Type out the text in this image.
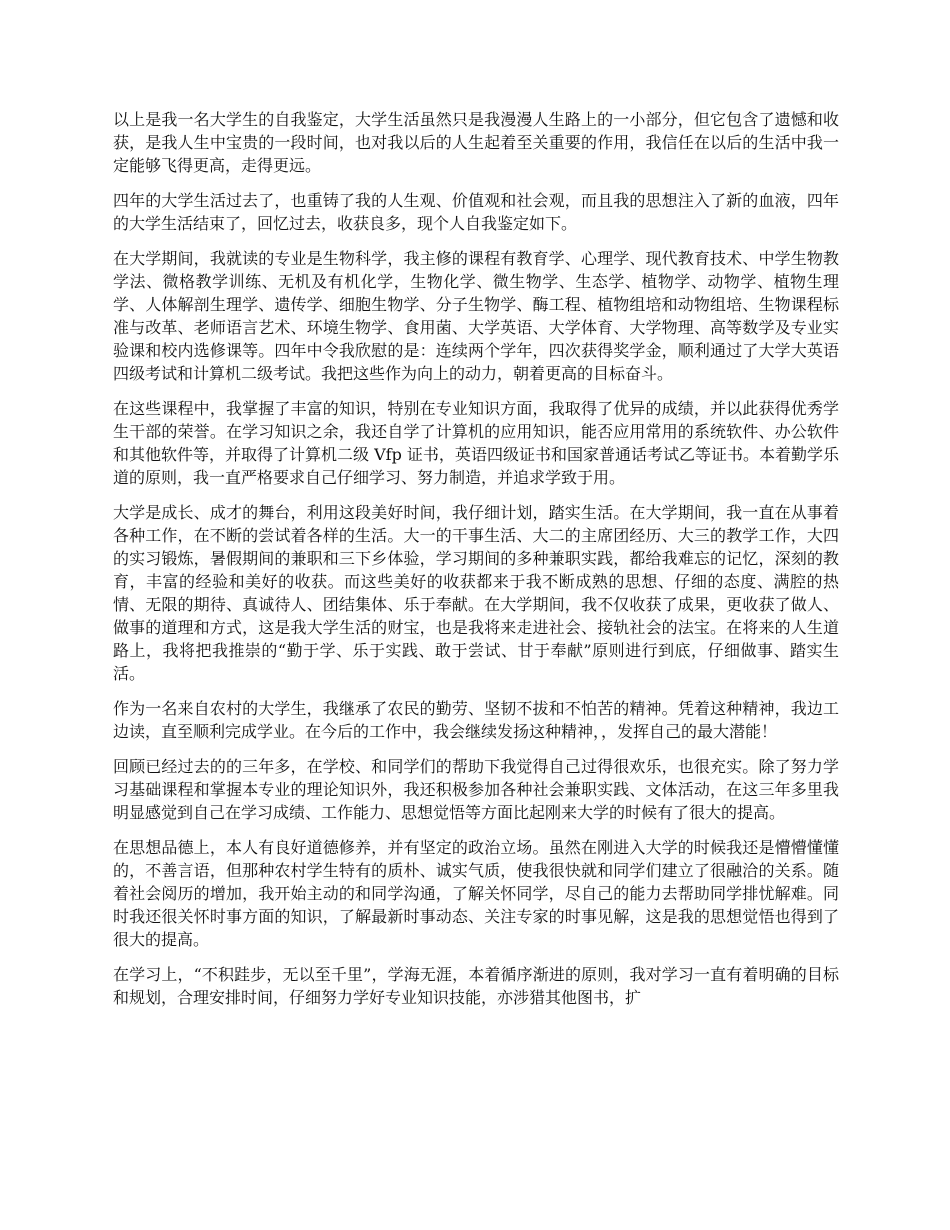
以上是我一名大学生的自我鉴定，大学生活虽然只是我漫漫人生路上的一小部分，但它包含了遗憾和收获，是我人生中宝贵的一段时间，也对我以后的人生起着至关重要的作用，我信任在以后的生活中我一定能够飞得更高，走得更远。

四年的大学生活过去了，也重铸了我的人生观、价值观和社会观，而且我的思想注入了新的血液，四年的大学生活结束了，回忆过去，收获良多，现个人自我鉴定如下。

在大学期间，我就读的专业是生物科学，我主修的课程有教育学、心理学、现代教育技术、中学生物教学法、微格教学训练、无机及有机化学，生物化学、微生物学、生态学、植物学、动物学、植物生理学、人体解剖生理学、遗传学、细胞生物学、分子生物学、酶工程、植物组培和动物组培、生物课程标准与改革、老师语言艺术、环境生物学、食用菌、大学英语、大学体育、大学物理、高等数学及专业实验课和校内选修课等。四年中令我欣慰的是：连续两个学年，四次获得奖学金，顺利通过了大学大英语四级考试和计算机二级考试。我把这些作为向上的动力，朝着更高的目标奋斗。

在这些课程中，我掌握了丰富的知识，特别在专业知识方面，我取得了优异的成绩，并以此获得优秀学生干部的荣誉。在学习知识之余，我还自学了计算机的应用知识，能否应用常用的系统软件、办公软件和其他软件等，并取得了计算机二级 Vfp 证书，英语四级证书和国家普通话考试乙等证书。本着勤学乐道的原则，我一直严格要求自己仔细学习、努力制造，并追求学致于用。

大学是成长、成才的舞台，利用这段美好时间，我仔细计划，踏实生活。在大学期间，我一直在从事着各种工作，在不断的尝试着各样的生活。大一的干事生活、大二的主席团经历、大三的教学工作，大四的实习锻炼，暑假期间的兼职和三下乡体验，学习期间的多种兼职实践，都给我难忘的记忆，深刻的教育，丰富的经验和美好的收获。而这些美好的收获都来于我不断成熟的思想、仔细的态度、满腔的热情、无限的期待、真诚待人、团结集体、乐于奉献。在大学期间，我不仅收获了成果，更收获了做人、做事的道理和方式，这是我大学生活的财宝，也是我将来走进社会、接轨社会的法宝。在将来的人生道路上，我将把我推崇的“勤于学、乐于实践、敢于尝试、甘于奉献”原则进行到底，仔细做事、踏实生活。

作为一名来自农村的大学生，我继承了农民的勤劳、坚韧不拔和不怕苦的精神。凭着这种精神，我边工边读，直至顺利完成学业。在今后的工作中，我会继续发扬这种精神，，发挥自己的最大潜能！

回顾已经过去的的三年多，在学校、和同学们的帮助下我觉得自己过得很欢乐，也很充实。除了努力学习基础课程和掌握本专业的理论知识外，我还积极参加各种社会兼职实践、文体活动，在这三年多里我明显感觉到自己在学习成绩、工作能力、思想觉悟等方面比起刚来大学的时候有了很大的提高。

在思想品德上，本人有良好道德修养，并有坚定的政治立场。虽然在刚进入大学的时候我还是懵懵懂懂的，不善言语，但那种农村学生特有的质朴、诚实气质，使我很快就和同学们建立了很融洽的关系。随着社会阅历的增加，我开始主动的和同学沟通，了解关怀同学，尽自己的能力去帮助同学排忧解难。同时我还很关怀时事方面的知识，了解最新时事动态、关注专家的时事见解，这是我的思想觉悟也得到了很大的提高。

在学习上，“不积跬步，无以至千里”，学海无涯，本着循序渐进的原则，我对学习一直有着明确的目标和规划，合理安排时间，仔细努力学好专业知识技能，亦涉猎其他图书，扩
